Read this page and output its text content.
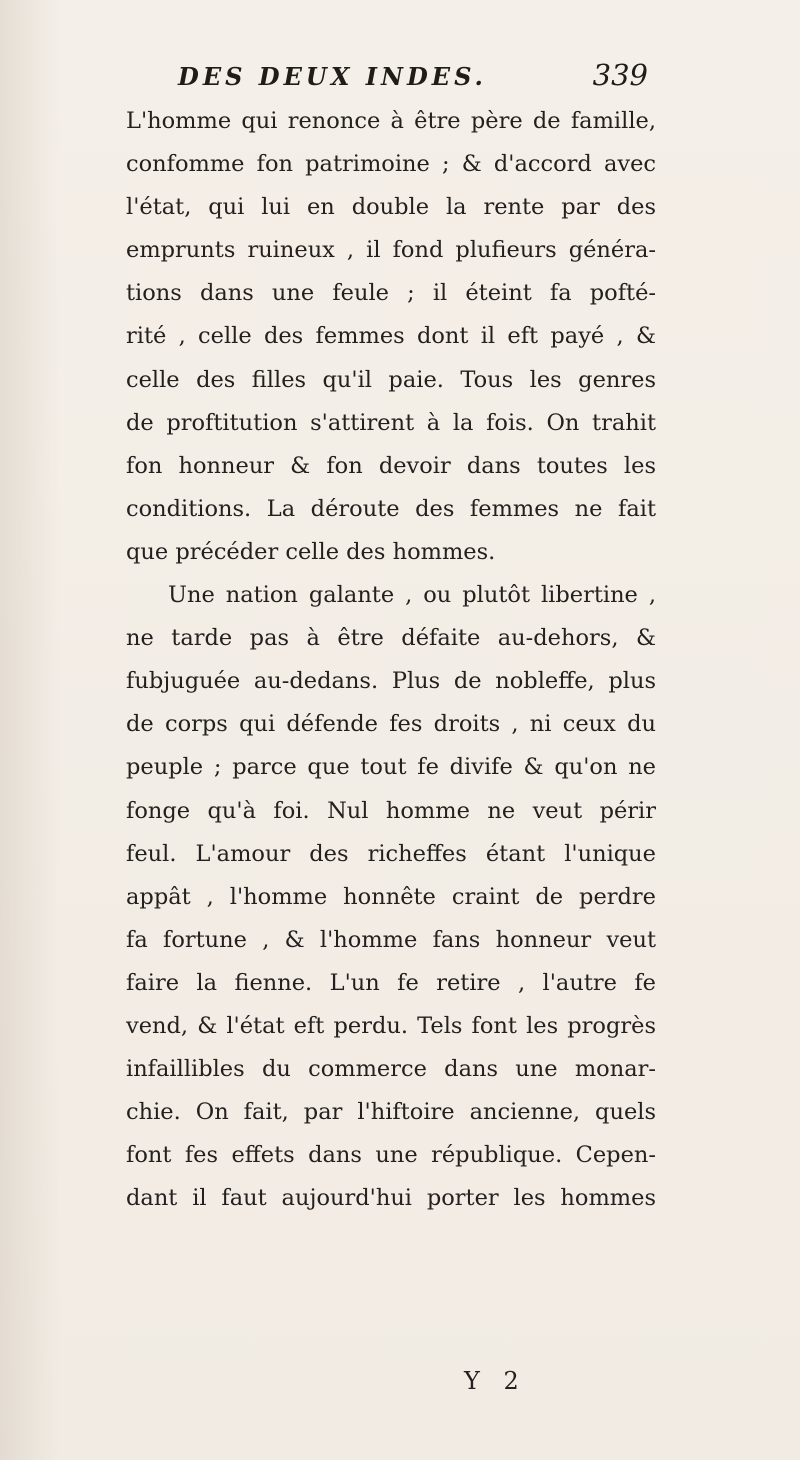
DES DEUX INDES.	339
L'homme qui renonce à être père de famille,
confomme fon patrimoine ; & d'accord avec
l'état, qui lui en double la rente par des
emprunts ruineux , il fond plufieurs généra-
tions dans une feule ; il éteint fa pofté-
rité , celle des femmes dont il eft payé , &
celle des filles qu'il paie. Tous les genres
de proftitution s'attirent à la fois. On trahit
fon honneur & fon devoir dans toutes les
conditions. La déroute des femmes ne fait
que précéder celle des hommes.
Une nation galante , ou plutôt libertine ,
ne tarde pas à être défaite au-dehors, &
fubjuguée au-dedans. Plus de nobleffe, plus
de corps qui défende fes droits , ni ceux du
peuple ; parce que tout fe divife & qu'on ne
fonge qu'à foi. Nul homme ne veut périr
feul. L'amour des richeffes étant l'unique
appât , l'homme honnête craint de perdre
fa fortune , & l'homme fans honneur veut
faire la fienne. L'un fe retire , l'autre fe
vend, & l'état eft perdu. Tels font les progrès
infaillibles du commerce dans une monar-
chie. On fait, par l'hiftoire ancienne, quels
font fes effets dans une république. Cepen-
dant il faut aujourd'hui porter les hommes
Y 2
